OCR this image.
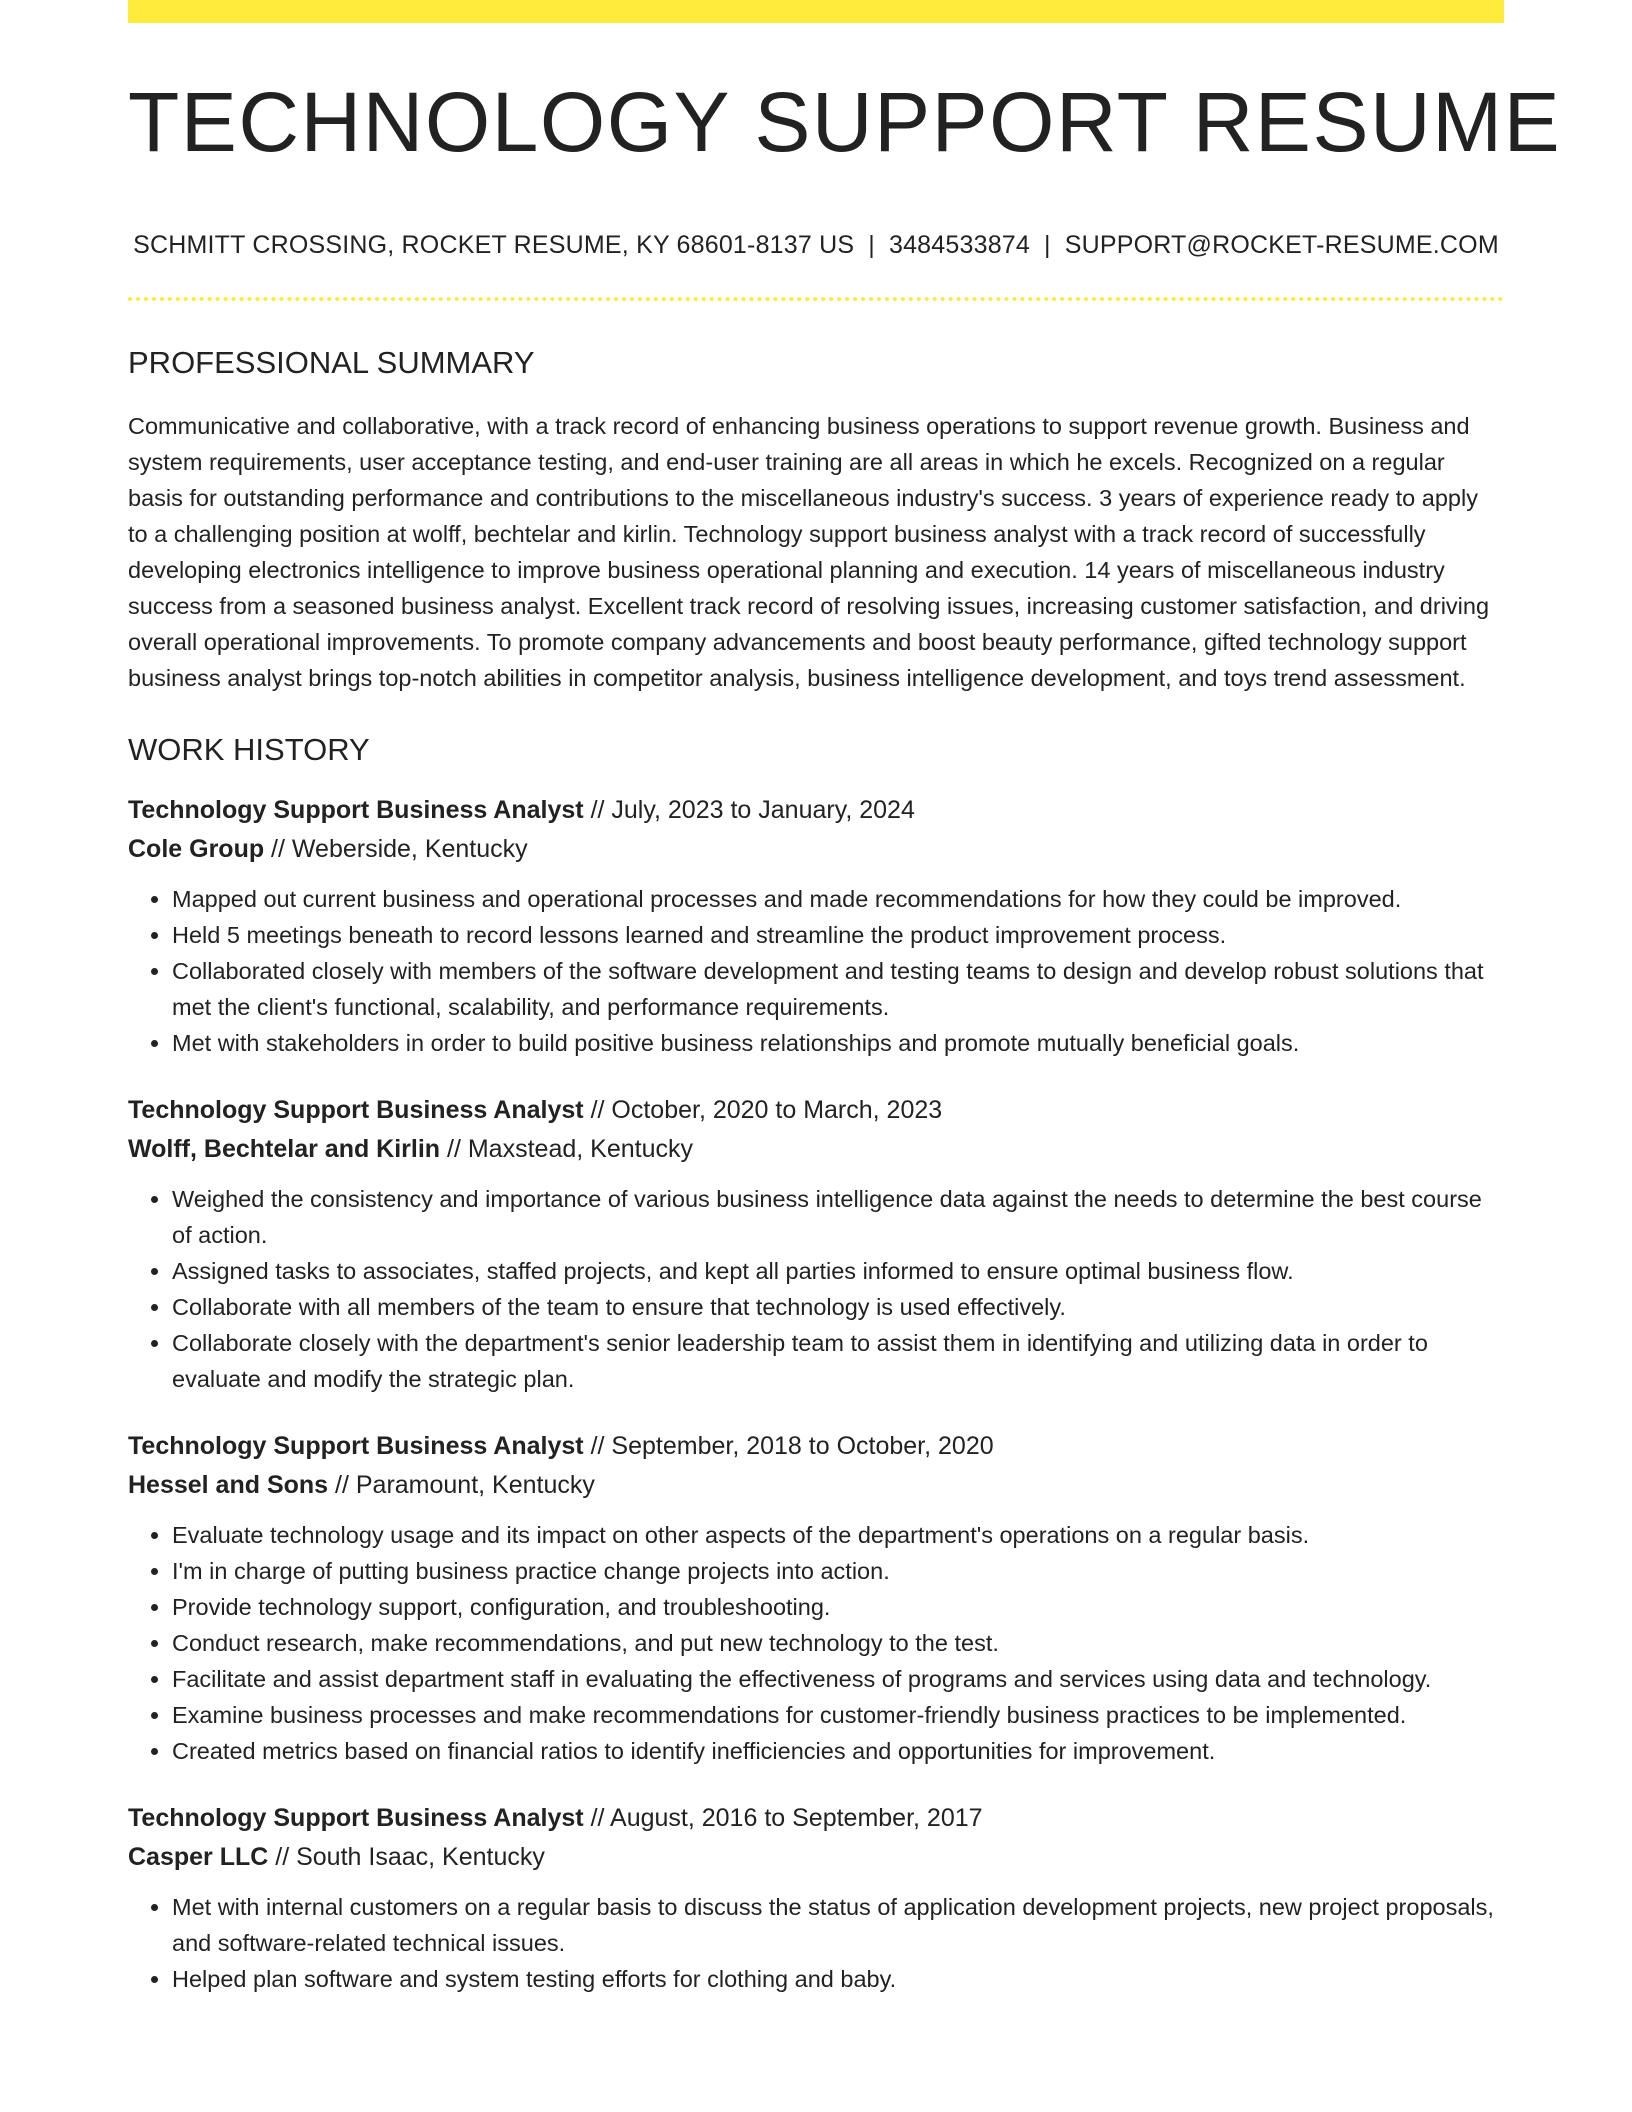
TECHNOLOGY SUPPORT RESUME
SCHMITT CROSSING, ROCKET RESUME, KY 68601-8137 US | 3484533874 | SUPPORT@ROCKET-RESUME.COM
PROFESSIONAL SUMMARY
Communicative and collaborative, with a track record of enhancing business operations to support revenue growth. Business and system requirements, user acceptance testing, and end-user training are all areas in which he excels. Recognized on a regular basis for outstanding performance and contributions to the miscellaneous industry's success. 3 years of experience ready to apply to a challenging position at wolff, bechtelar and kirlin. Technology support business analyst with a track record of successfully developing electronics intelligence to improve business operational planning and execution. 14 years of miscellaneous industry success from a seasoned business analyst. Excellent track record of resolving issues, increasing customer satisfaction, and driving overall operational improvements. To promote company advancements and boost beauty performance, gifted technology support business analyst brings top-notch abilities in competitor analysis, business intelligence development, and toys trend assessment.
WORK HISTORY
Technology Support Business Analyst // July, 2023 to January, 2024
Cole Group // Weberside, Kentucky
• Mapped out current business and operational processes and made recommendations for how they could be improved.
• Held 5 meetings beneath to record lessons learned and streamline the product improvement process.
• Collaborated closely with members of the software development and testing teams to design and develop robust solutions that met the client's functional, scalability, and performance requirements.
• Met with stakeholders in order to build positive business relationships and promote mutually beneficial goals.
Technology Support Business Analyst // October, 2020 to March, 2023
Wolff, Bechtelar and Kirlin // Maxstead, Kentucky
• Weighed the consistency and importance of various business intelligence data against the needs to determine the best course of action.
• Assigned tasks to associates, staffed projects, and kept all parties informed to ensure optimal business flow.
• Collaborate with all members of the team to ensure that technology is used effectively.
• Collaborate closely with the department's senior leadership team to assist them in identifying and utilizing data in order to evaluate and modify the strategic plan.
Technology Support Business Analyst // September, 2018 to October, 2020
Hessel and Sons // Paramount, Kentucky
• Evaluate technology usage and its impact on other aspects of the department's operations on a regular basis.
• I'm in charge of putting business practice change projects into action.
• Provide technology support, configuration, and troubleshooting.
• Conduct research, make recommendations, and put new technology to the test.
• Facilitate and assist department staff in evaluating the effectiveness of programs and services using data and technology.
• Examine business processes and make recommendations for customer-friendly business practices to be implemented.
• Created metrics based on financial ratios to identify inefficiencies and opportunities for improvement.
Technology Support Business Analyst // August, 2016 to September, 2017
Casper LLC // South Isaac, Kentucky
• Met with internal customers on a regular basis to discuss the status of application development projects, new project proposals, and software-related technical issues.
• Helped plan software and system testing efforts for clothing and baby.
